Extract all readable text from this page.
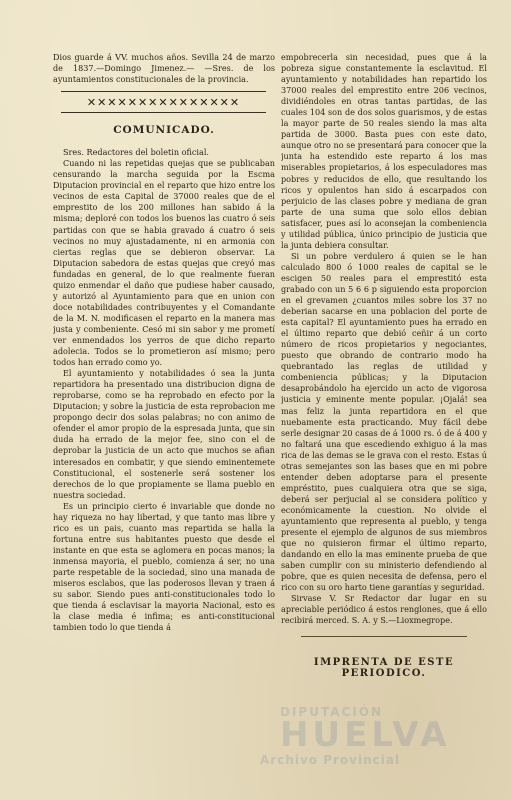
Dios guarde á VV. muchos años. Sevilla 24 de marzo de 1837.—Domingo Jimenez.— —Sres. de los ayuntamientos constitucionales de la provincia.

✕✕✕✕✕✕✕✕✕✕✕✕✕✕✕
COMUNICADO.

Sres. Redactores del boletin oficial.

Cuando ni las repetidas quejas que se publicaban censurando la marcha seguida por la Escma Diputacion provincial en el reparto que hizo entre los vecinos de esta Capital de 37000 reales que de el emprestito de los 200 millones han sabido á la misma; deploré con todos los buenos las cuatro ó seis partidas con que se habia gravado á cuatro ó seis vecinos no muy ajustadamente, ni en armonia con ciertas reglas que se debieron observar. La Diputacion sabedora de estas quejas que creyó mas fundadas en general, de lo que realmente fueran quizo enmendar el daño que pudiese haber causado, y autorizó al Ayuntamiento para que en union con doce notabilidades contribuyentes y el Comandante de la M. N. modificasen el reparto en la manera mas justa y combeniente. Cesó mi sin sabor y me prometí ver enmendados los yerros de que dicho reparto adolecia. Todos se lo prometieron así mismo; pero todos han errado como yo.

El ayuntamiento y notabilidades ó sea la junta repartidora ha presentado una distribucion digna de reprobarse, como se ha reprobado en efecto por la Diputacion; y sobre la justicia de esta reprobacion me propongo decir dos solas palabras; no con animo de ofender el amor propio de la espresada junta, que sin duda ha errado de la mejor fee, sino con el de deprobar la justicia de un acto que muchos se afian interesados en combatir, y que siendo eminentemete Constitucional, el sostenerle será sostener los derechos de lo que propiamente se llama pueblo en nuestra sociedad.

Es un principio cierto é invariable que donde no hay riqueza no hay libertad, y que tanto mas libre y rico es un pais, cuanto mas repartida se halla la fortuna entre sus habitantes puesto que desde el instante en que esta se aglomera en pocas manos; la inmensa mayoria, el pueblo, comienza á ser, no una parte respetable de la sociedad, sino una manada de miseros esclabos, que las poderosos llevan y traen á su sabor. Siendo pues anti-constitucionales todo lo que tienda á esclavisar la mayoria Nacional, esto es la clase media é infima; es anti-constitucional tambien todo lo que tienda á

empobrecerla sin necesidad, pues que á la pobreza sigue constantemente la esclavitud. El ayuntamiento y notabilidades han repartido los 37000 reales del emprestito entre 206 vecinos, dividiéndoles en otras tantas partidas, de las cuales 104 son de dos solos guarismos, y de estas la mayor parte de 50 reales siendo la mas alta partida de 3000. Basta pues con este dato, aunque otro no se presentará para conocer que la junta ha estendido este reparto á los mas miserables propietarios, á los especuladores mas pobres y reducidos de ello, que resultando los ricos y opulentos han sido á escarpados con perjuicio de las clases pobre y mediana de gran parte de una suma que solo ellos debian satisfacer, pues así lo aconsejan la combeniencia y utilidad pública, único principio de justicia que la junta debiera consultar.

Si un pobre verdulero á quien se le han calculado 800 ó 1000 reales de capital se le escigen 50 reales para el emprestitó esta grabado con un 5 6 6 p siguiendo esta proporcion en el grevamen ¿cuantos miles sobre los 37 no deberian sacarse en una poblacion del porte de esta capital? El ayuntamiento pues ha errado en el último reparto que debió ceñir á un corto número de ricos propietarios y negociantes, puesto que obrando de contrario modo ha quebrantado las reglas de utilidad y combeniencia públicas; y la Diputacion desaprobándolo ha ejercido un acto de vigorosa justicia y eminente mente popular. ¡Ojalá! sea mas feliz la junta repartidora en el que nuebamente esta practicando. Muy fácil debe serle designar 20 casas de á 1000 rs. ó de á 400 y no faltará una que escediendo exhiguo á la mas rica de las demas se le grava con el resto. Estas ú otras semejantes son las bases que en mi pobre entender deben adoptarse para el presente empréstito, pues cualquiera otra que se siga, deberá ser perjucial al se considera político y económicamente la cuestion. No olvide el ayuntamiento que representa al pueblo, y tenga presente el ejemplo de algunos de sus miembros que no quisieron firmar el último reparto, dandando en ello la mas eminente prueba de que saben cumplir con su ministerio defendiendo al pobre, que es quien necesita de defensa, pero el rico con su oro harto tiene garantías y seguridad.

Sirvase V. Sr Redactor dar lugar en su apreciable periódico á estos renglones, que á ello recibirá merced. S. A. y S.—Lioxmegrope.

IMPRENTA DE ESTE PERIODICO.
DIPUTACIÓN
HUELVA
Archivo Provincial
